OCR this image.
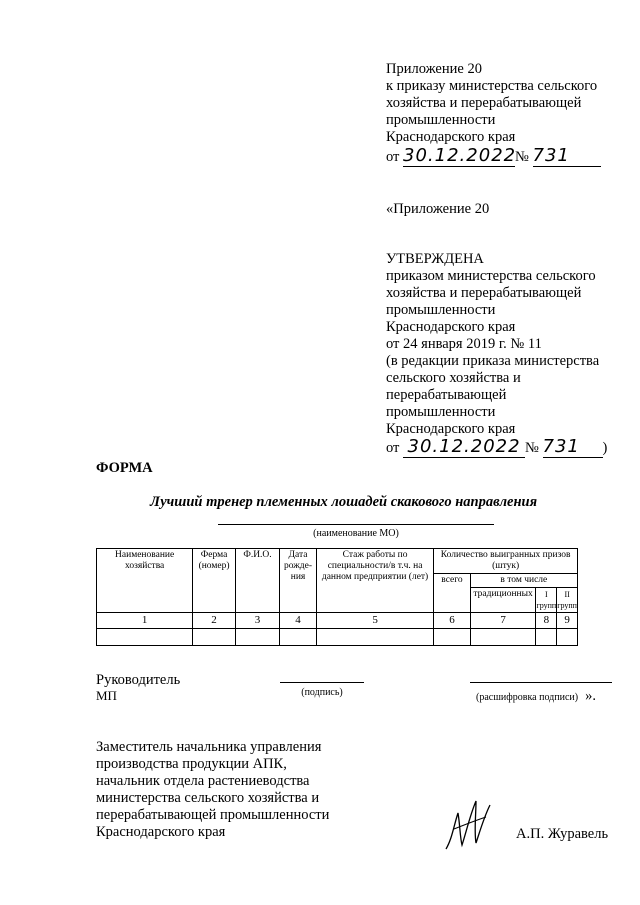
Приложение 20
к приказу министерства сельского
хозяйства и перерабатывающей
промышленности
Краснодарского края
от 30.12.2022№ 731
«Приложение 20
УТВЕРЖДЕНА
приказом министерства сельского
хозяйства и перерабатывающей
промышленности
Краснодарского края
от 24 января 2019 г. № 11
(в редакции приказа министерства
сельского хозяйства и
перерабатывающей
промышленности
Краснодарского края
от 30.12.2022 № 731 )
ФОРМА
Лучший тренер племенных лошадей скакового направления
(наименование МО)
Наименование хозяйства	Ферма (номер)	Ф.И.О.	Дата рожде-ния	Стаж работы по специальности/в т.ч. на данном предприятии (лет)	Количество выигранных призов (штук)			
					всего	в том числе		
						традиционных	I групп	II групп
1	2	3	4	5	6	7	8	9

Руководитель
МП	(подпись)	(расшифровка подписи) ».
Заместитель начальника управления
производства продукции АПК,
начальник отдела растениеводства
министерства сельского хозяйства и
перерабатывающей промышленности
Краснодарского края	А.П. Журавель
